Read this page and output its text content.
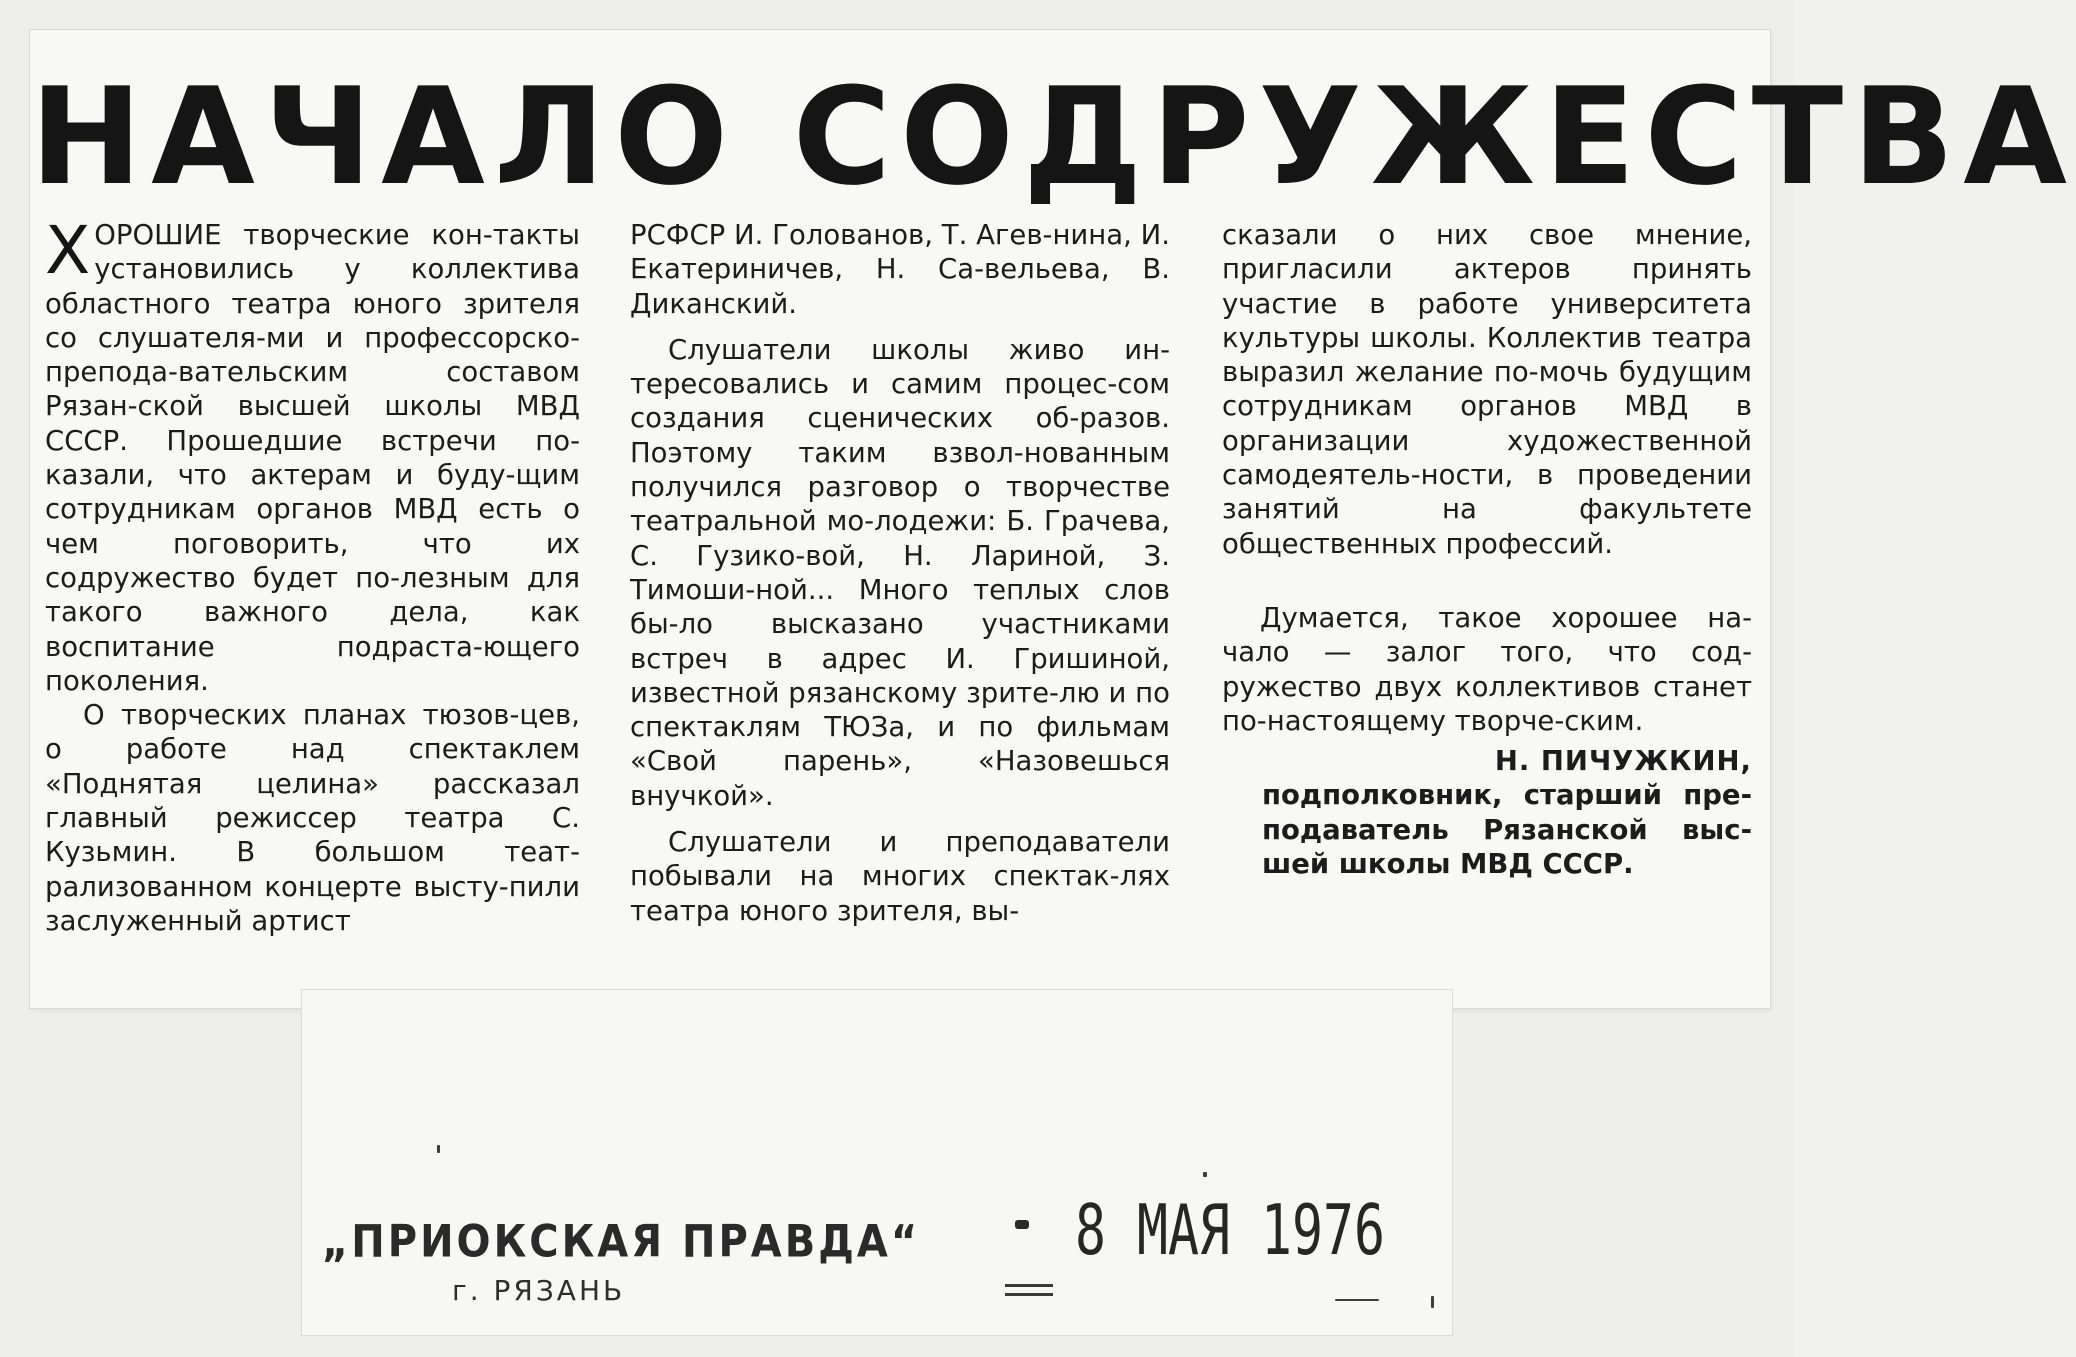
НАЧАЛО СОДРУЖЕСТВА

ХОРОШИЕ творческие кон-такты установились у коллектива областного театра юного зрителя со слушателя-ми и профессорско-препода-вательским составом Рязан-ской высшей школы МВД СССР. Прошедшие встречи по-казали, что актерам и буду-щим сотрудникам органов МВД есть о чем поговорить, что их содружество будет по-лезным для такого важного дела, как воспитание подраста-ющего поколения.

О творческих планах тюзов-цев, о работе над спектаклем «Поднятая целина» рассказал главный режиссер театра С. Кузьмин. В большом теат-рализованном концерте высту-пили заслуженный артист

РСФСР И. Голованов, Т. Агев-нина, И. Екатериничев, Н. Са-вельева, В. Диканский.

Слушатели школы живо ин-тересовались и самим процес-сом создания сценических об-разов. Поэтому таким взвол-нованным получился разговор о творчестве театральной мо-лодежи: Б. Грачева, С. Гузико-вой, Н. Лариной, З. Тимоши-ной... Много теплых слов бы-ло высказано участниками встреч в адрес И. Гришиной, известной рязанскому зрите-лю и по спектаклям ТЮЗа, и по фильмам «Свой парень», «Назовешься внучкой».

Слушатели и преподаватели побывали на многих спектак-лях театра юного зрителя, вы-

сказали о них свое мнение, пригласили актеров принять участие в работе университета культуры школы. Коллектив театра выразил желание по-мочь будущим сотрудникам органов МВД в организации художественной самодеятель-ности, в проведении занятий на факультете общественных профессий.

Думается, такое хорошее на-чало — залог того, что сод-ружество двух коллективов станет по-настоящему творче-ским.

Н. ПИЧУЖКИН,

подполковник, старший пре-подаватель Рязанской выс-шей школы МВД СССР.

„ПРИОКСКАЯ ПРАВДА“
г. РЯЗАНЬ
8 МАЯ 1976
